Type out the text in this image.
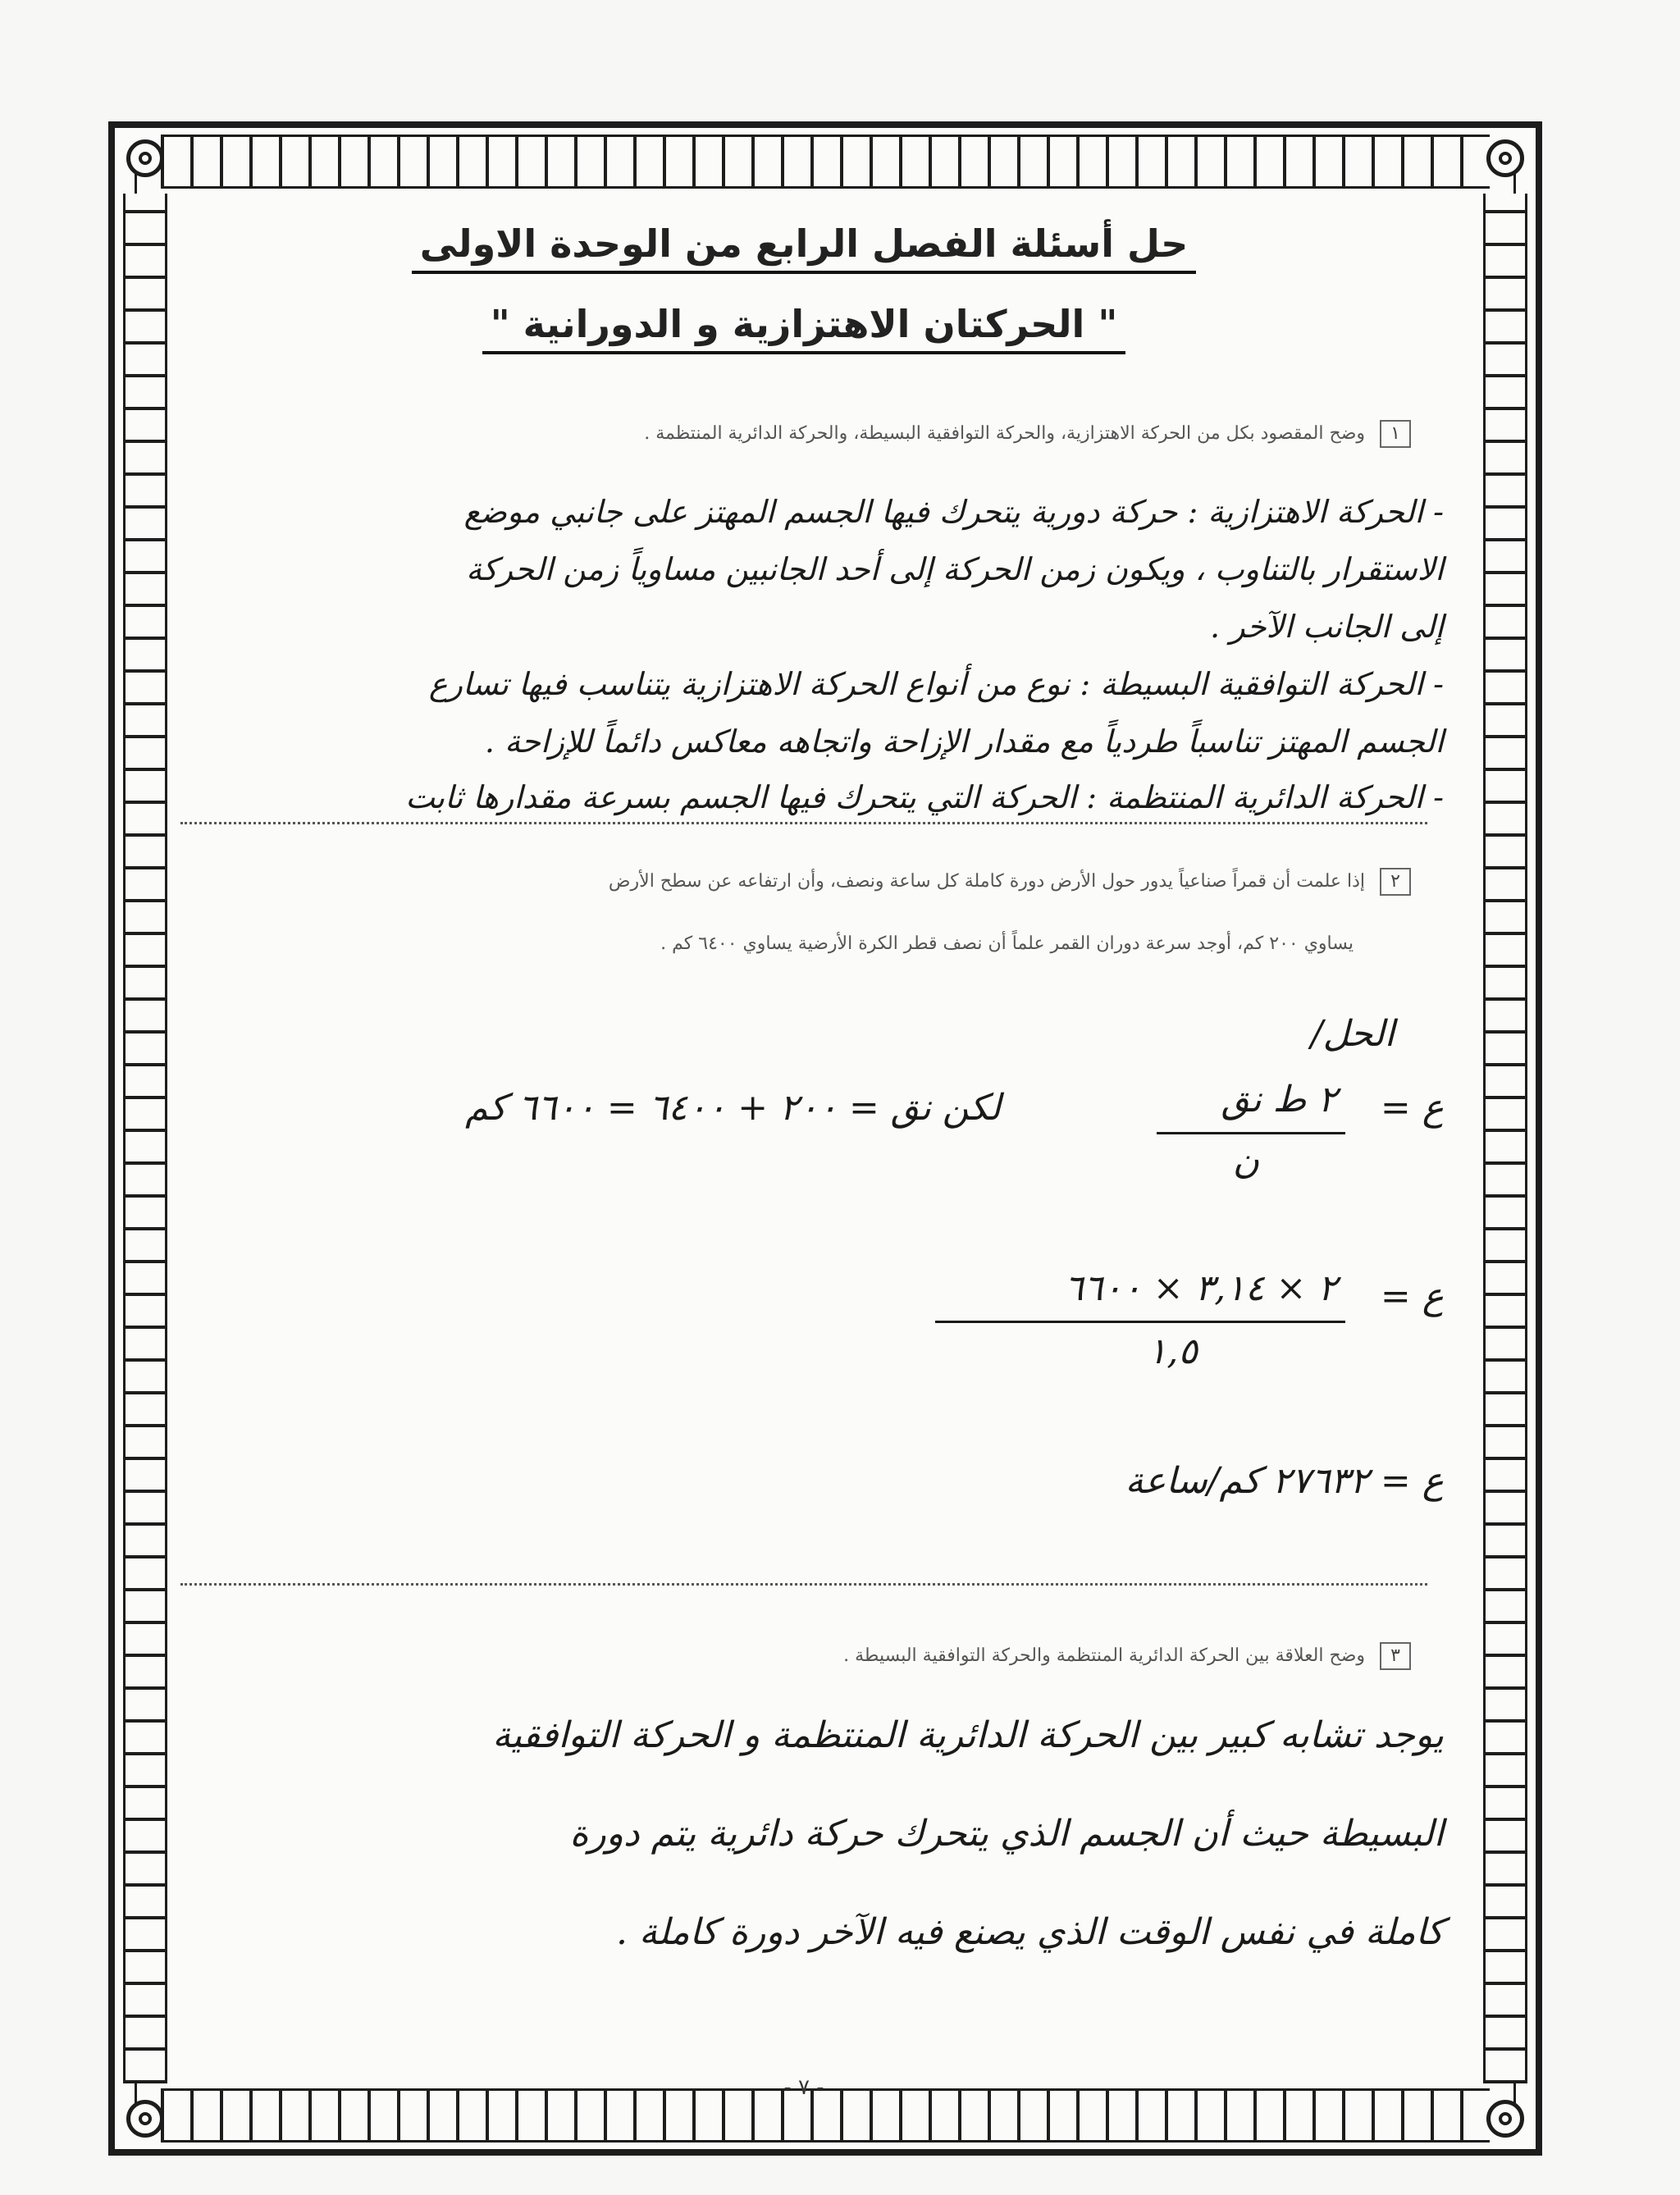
حل أسئلة الفصل الرابع من الوحدة الاولى
" الحركتان الاهتزازية و الدورانية "
١وضح المقصود بكل من الحركة الاهتزازية، والحركة التوافقية البسيطة، والحركة الدائرية المنتظمة .
- الحركة الاهتزازية : حركة دورية يتحرك فيها الجسم المهتز على جانبي موضع
الاستقرار بالتناوب ، ويكون زمن الحركة إلى أحد الجانبين مساوياً زمن الحركة
إلى الجانب الآخر .
- الحركة التوافقية البسيطة : نوع من أنواع الحركة الاهتزازية يتناسب فيها تسارع
الجسم المهتز تناسباً طردياً مع مقدار الإزاحة واتجاهه معاكس دائماً للإزاحة .
- الحركة الدائرية المنتظمة : الحركة التي يتحرك فيها الجسم بسرعة مقدارها ثابت
٢إذا علمت أن قمراً صناعياً يدور حول الأرض دورة كاملة كل ساعة ونصف، وأن ارتفاعه عن سطح الأرض
يساوي ٢٠٠ كم، أوجد سرعة دوران القمر علماً أن نصف قطر الكرة الأرضية يساوي ٦٤٠٠ كم .
الحل/
ع =
٢ ط نق
ن
لكن نق = ٢٠٠ + ٦٤٠٠ = ٦٦٠٠ كم
ع =
٢ × ٣,١٤ × ٦٦٠٠
١,٥
ع = ٢٧٦٣٢ كم/ساعة
٣وضح العلاقة بين الحركة الدائرية المنتظمة والحركة التوافقية البسيطة .
يوجد تشابه كبير بين الحركة الدائرية المنتظمة و الحركة التوافقية
البسيطة حيث أن الجسم الذي يتحرك حركة دائرية يتم دورة
كاملة في نفس الوقت الذي يصنع فيه الآخر دورة كاملة .
- ٧ -
